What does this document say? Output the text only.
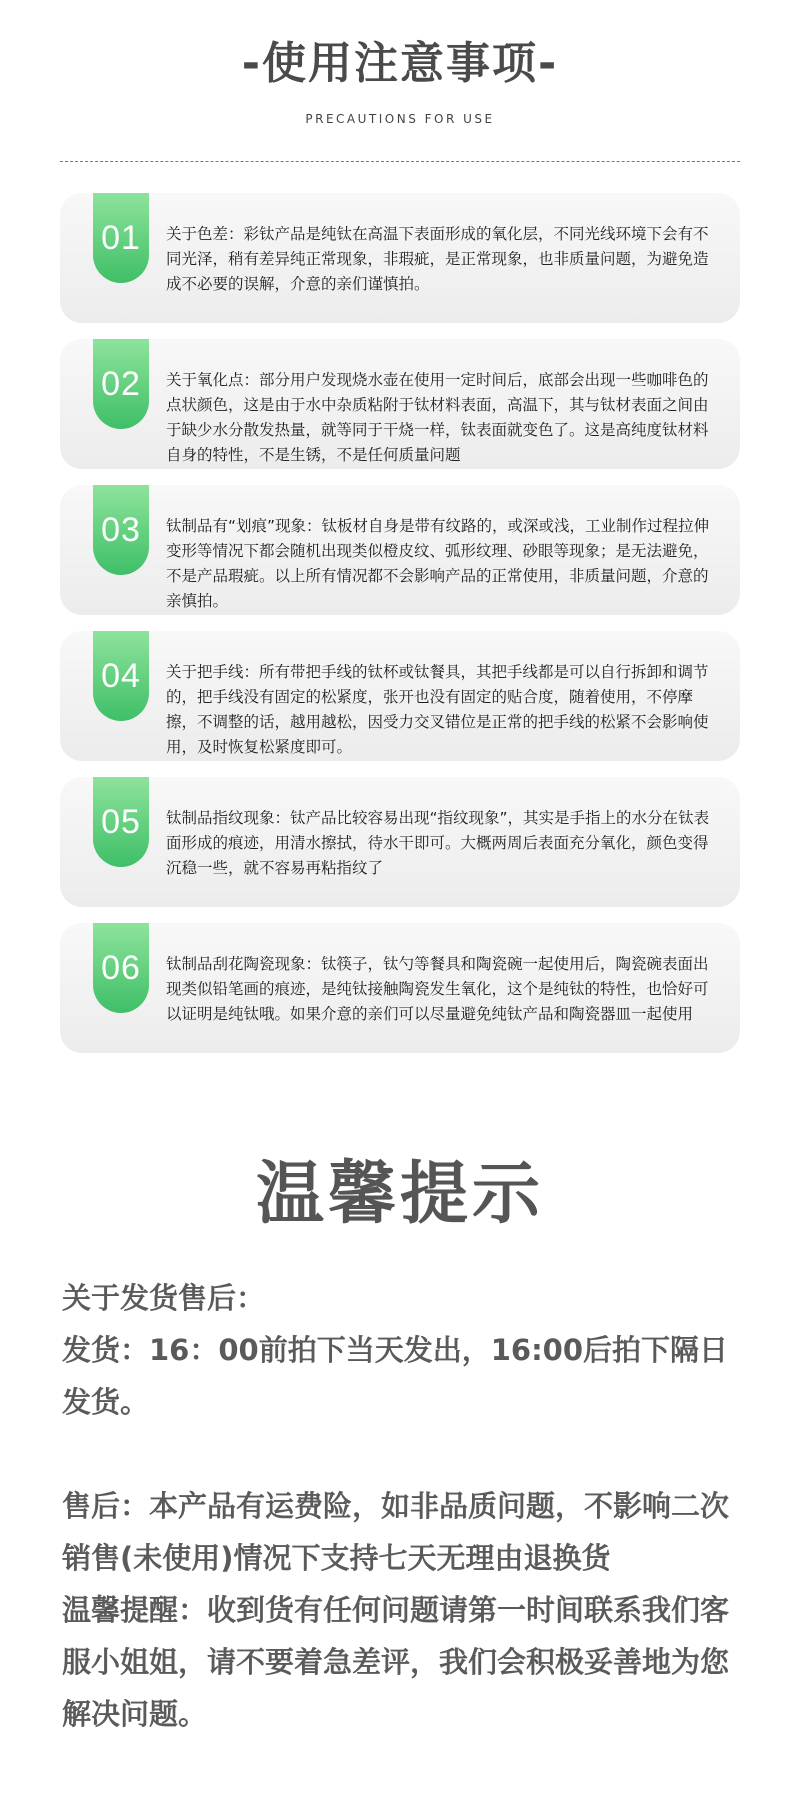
-使用注意事项-
PRECAUTIONS FOR USE
01	关于色差：彩钛产品是纯钛在高温下表面形成的氧化层，不同光线环境下会有不同光泽，稍有差异纯正常现象，非瑕疵，是正常现象，也非质量问题，为避免造成不必要的误解，介意的亲们谨慎拍。
02	关于氧化点：部分用户发现烧水壶在使用一定时间后，底部会出现一些咖啡色的点状颜色，这是由于水中杂质粘附于钛材料表面，高温下，其与钛材表面之间由于缺少水分散发热量，就等同于干烧一样，钛表面就变色了。这是高纯度钛材料自身的特性，不是生锈，不是任何质量问题
03	钛制品有“划痕”现象：钛板材自身是带有纹路的，或深或浅，工业制作过程拉伸变形等情况下都会随机出现类似橙皮纹、弧形纹理、砂眼等现象；是无法避免，不是产品瑕疵。以上所有情况都不会影响产品的正常使用，非质量问题，介意的亲慎拍。
04	关于把手线：所有带把手线的钛杯或钛餐具，其把手线都是可以自行拆卸和调节的，把手线没有固定的松紧度，张开也没有固定的贴合度，随着使用，不停摩擦，不调整的话，越用越松，因受力交叉错位是正常的把手线的松紧不会影响使用，及时恢复松紧度即可。
05	钛制品指纹现象：钛产品比较容易出现“指纹现象”，其实是手指上的水分在钛表面形成的痕迹，用清水擦拭，待水干即可。大概两周后表面充分氧化，颜色变得沉稳一些，就不容易再粘指纹了
06	钛制品刮花陶瓷现象：钛筷子，钛勺等餐具和陶瓷碗一起使用后，陶瓷碗表面出现类似铅笔画的痕迹，是纯钛接触陶瓷发生氧化，这个是纯钛的特性，也恰好可以证明是纯钛哦。如果介意的亲们可以尽量避免纯钛产品和陶瓷器皿一起使用
温馨提示
关于发货售后：
发货：16：00前拍下当天发出，16:00后拍下隔日发货。
售后：本产品有运费险，如非品质问题，不影响二次销售(未使用)情况下支持七天无理由退换货
温馨提醒：收到货有任何问题请第一时间联系我们客服小姐姐，请不要着急差评，我们会积极妥善地为您解决问题。
